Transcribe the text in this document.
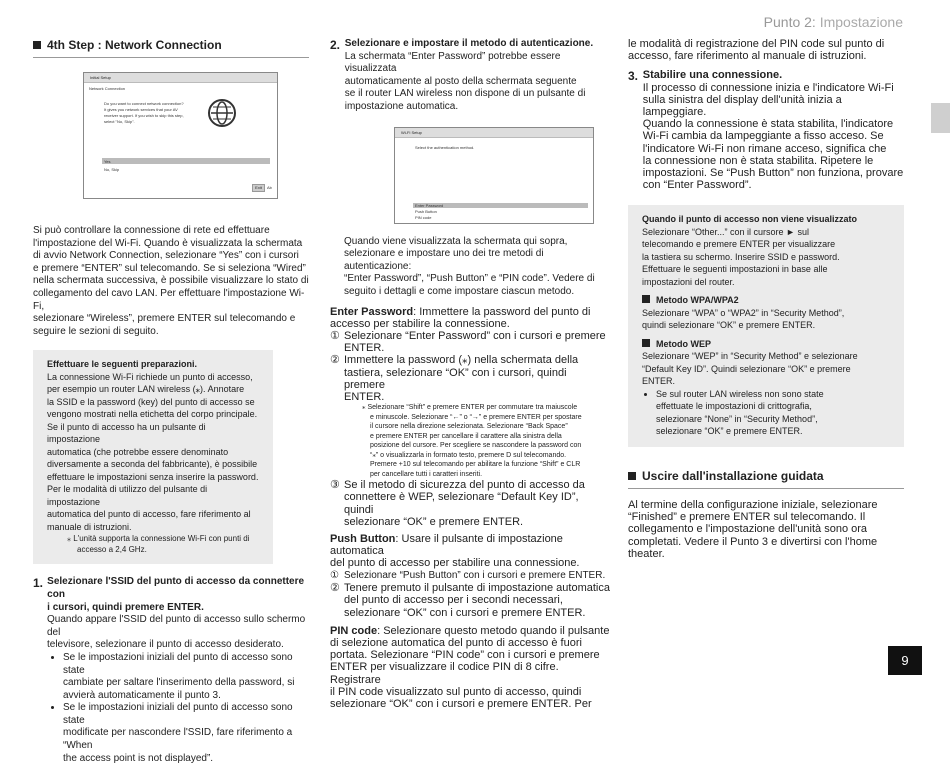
Punto 2: Impostazione
9
4th Step : Network Connection
Initial Setup
Network Connection
Do you want to connect network connection?
It gives you network services that your AV
receiver support. If you wish to skip this step,
select "No, Skip".
Yes
No, Skip
Exit	Ab

Si può controllare la connessione di rete ed effettuare

l'impostazione del Wi-Fi. Quando è visualizzata la schermata

di avvio Network Connection, selezionare “Yes” con i cursori

e premere “ENTER” sul telecomando. Se si seleziona “Wired”

nella schermata successiva, è possibile visualizzare lo stato di

collegamento del cavo LAN. Per effettuare l'impostazione Wi-Fi,

selezionare “Wireless”, premere ENTER sul telecomando e

seguire le sezioni di seguito.

Effettuare le seguenti preparazioni.

La connessione Wi-Fi richiede un punto di accesso,

per esempio un router LAN wireless (⁎). Annotare

la SSID e la password (key) del punto di accesso se

vengono mostrati nella etichetta del corpo principale.

Se il punto di accesso ha un pulsante di impostazione

automatica (che potrebbe essere denominato

diversamente a seconda del fabbricante), è possibile

effettuare le impostazioni senza inserire la password.

Per le modalità di utilizzo del pulsante di impostazione

automatica del punto di accesso, fare riferimento al

manuale di istruzioni.

⁎ L'unità supporta la connessione Wi-Fi con punti di

accesso a 2,4 GHz.

1. Selezionare l'SSID del punto di accesso da connettere con

i cursori, quindi premere ENTER.

Quando appare l'SSID del punto di accesso sullo schermo del

televisore, selezionare il punto di accesso desiderato.

• Se le impostazioni iniziali del punto di accesso sono state
cambiate per saltare l'inserimento della password, si
avvierà automaticamente il punto 3.
• Se le impostazioni iniziali del punto di accesso sono state
modificate per nascondere l'SSID, fare riferimento a “When
the access point is not displayed”.
2. Selezionare e impostare il metodo di autenticazione.

La schermata “Enter Password” potrebbe essere visualizzata

automaticamente al posto della schermata seguente

se il router LAN wireless non dispone di un pulsante di

impostazione automatica.

Wi-Fi Setup
Select the authentication method.
Enter Password
Push Button
PIN code

Quando viene visualizzata la schermata qui sopra,

selezionare e impostare uno dei tre metodi di autenticazione:

“Enter Password”, “Push Button” e “PIN code”. Vedere di

seguito i dettagli e come impostare ciascun metodo.

Enter Password: Immettere la password del punto di

accesso per stabilire la connessione.

① Selezionare “Enter Password” con i cursori e premere

ENTER.

② Immettere la password (⁎) nella schermata della

tastiera, selezionare “OK” con i cursori, quindi premere

ENTER.

⁎ Selezionare “Shift” e premere ENTER per commutare tra maiuscole

e minuscole. Selezionare “←” o “→” e premere ENTER per spostare

il cursore nella direzione selezionata. Selezionare “Back Space”

e premere ENTER per cancellare il carattere alla sinistra della

posizione del cursore. Per scegliere se nascondere la password con

“⁎” o visualizzarla in formato testo, premere D sul telecomando.

Premere +10 sul telecomando per abilitare la funzione “Shift” e CLR

per cancellare tutti i caratteri inseriti.

③ Se il metodo di sicurezza del punto di accesso da

connettere è WEP, selezionare “Default Key ID”, quindi

selezionare “OK” e premere ENTER.

Push Button: Usare il pulsante di impostazione automatica

del punto di accesso per stabilire una connessione.

① Selezionare “Push Button” con i cursori e premere ENTER.

② Tenere premuto il pulsante di impostazione automatica

del punto di accesso per i secondi necessari,

selezionare “OK” con i cursori e premere ENTER.

PIN code: Selezionare questo metodo quando il pulsante

di selezione automatica del punto di accesso è fuori

portata. Selezionare “PIN code” con i cursori e premere

ENTER per visualizzare il codice PIN di 8 cifre. Registrare

il PIN code visualizzato sul punto di accesso, quindi

selezionare “OK” con i cursori e premere ENTER. Per

le modalità di registrazione del PIN code sul punto di

accesso, fare riferimento al manuale di istruzioni.

3. Stabilire una connessione.

Il processo di connessione inizia e l'indicatore Wi-Fi

sulla sinistra del display dell'unità inizia a lampeggiare.

Quando la connessione è stata stabilita, l'indicatore

Wi-Fi cambia da lampeggiante a fisso acceso. Se

l'indicatore Wi-Fi non rimane acceso, significa che

la connessione non è stata stabilita. Ripetere le

impostazioni. Se “Push Button” non funziona, provare

con “Enter Password”.

Quando il punto di accesso non viene visualizzato

Selezionare “Other...” con il cursore ► sul

telecomando e premere ENTER per visualizzare

la tastiera su schermo. Inserire SSID e password.

Effettuare le seguenti impostazioni in base alle

impostazioni del router.

Metodo WPA/WPA2

Selezionare “WPA” o “WPA2” in “Security Method”,

quindi selezionare “OK” e premere ENTER.

Metodo WEP

Selezionare “WEP” in “Security Method” e selezionare

“Default Key ID”. Quindi selezionare “OK” e premere

ENTER.

• Se sul router LAN wireless non sono state
effettuate le impostazioni di crittografia,
selezionare “None” in “Security Method”,
selezionare “OK” e premere ENTER.
Uscire dall'installazione guidata

Al termine della configurazione iniziale, selezionare

“Finished” e premere ENTER sul telecomando. Il

collegamento e l'impostazione dell'unità sono ora

completati. Vedere il Punto 3 e divertirsi con l'home theater.
